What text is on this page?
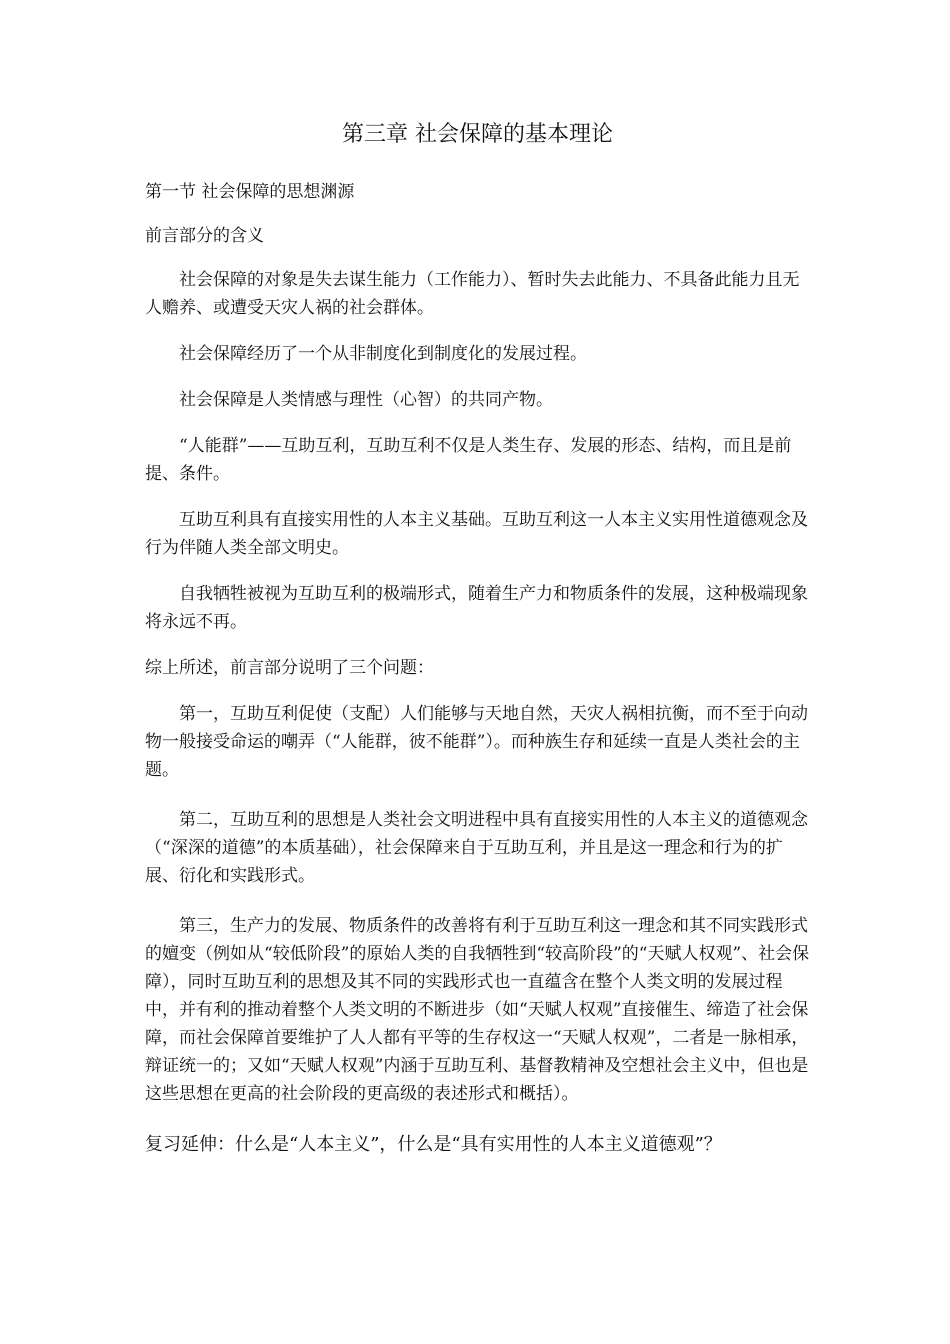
第三章 社会保障的基本理论

第一节 社会保障的思想渊源

前言部分的含义

社会保障的对象是失去谋生能力（工作能力）、暂时失去此能力、不具备此能力且无人赡养、或遭受天灾人祸的社会群体。

社会保障经历了一个从非制度化到制度化的发展过程。

社会保障是人类情感与理性（心智）的共同产物。

“人能群”——互助互利，互助互利不仅是人类生存、发展的形态、结构，而且是前提、条件。

互助互利具有直接实用性的人本主义基础。互助互利这一人本主义实用性道德观念及行为伴随人类全部文明史。

自我牺牲被视为互助互利的极端形式，随着生产力和物质条件的发展，这种极端现象将永远不再。

综上所述，前言部分说明了三个问题：

第一，互助互利促使（支配）人们能够与天地自然，天灾人祸相抗衡，而不至于向动物一般接受命运的嘲弄（“人能群，彼不能群”）。而种族生存和延续一直是人类社会的主题。

第二，互助互利的思想是人类社会文明进程中具有直接实用性的人本主义的道德观念（“深深的道德”的本质基础），社会保障来自于互助互利，并且是这一理念和行为的扩展、衍化和实践形式。

第三，生产力的发展、物质条件的改善将有利于互助互利这一理念和其不同实践形式的嬗变（例如从“较低阶段”的原始人类的自我牺牲到“较高阶段”的“天赋人权观”、社会保障），同时互助互利的思想及其不同的实践形式也一直蕴含在整个人类文明的发展过程中，并有利的推动着整个人类文明的不断进步（如“天赋人权观”直接催生、缔造了社会保障，而社会保障首要维护了人人都有平等的生存权这一“天赋人权观”，二者是一脉相承，辩证统一的；又如“天赋人权观”内涵于互助互利、基督教精神及空想社会主义中，但也是这些思想在更高的社会阶段的更高级的表述形式和概括）。

复习延伸：什么是“人本主义”，什么是“具有实用性的人本主义道德观”？
